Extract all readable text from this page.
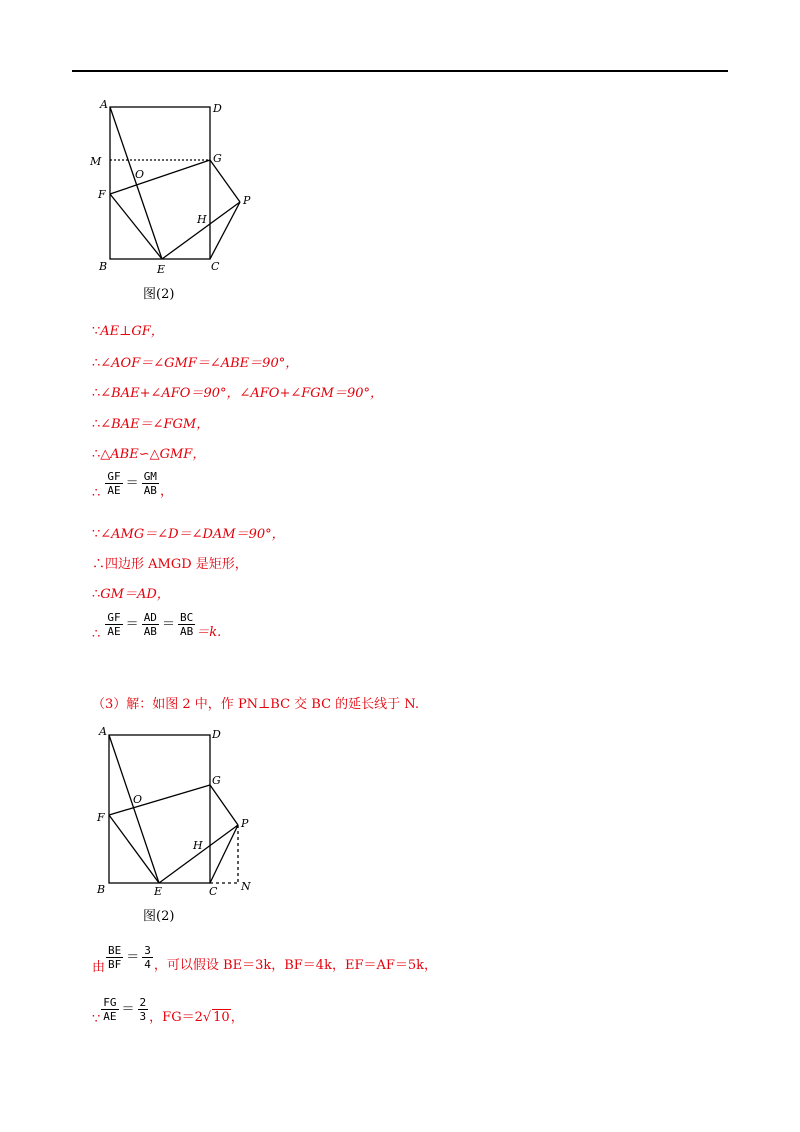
A	D
M	G
O
F
H
P
B	E	C
图(2)
∵AE⊥GF，
∴∠AOF＝∠GMF＝∠ABE＝90°，
∴∠BAE+∠AFO＝90°，∠AFO+∠FGM＝90°，
∴∠BAE＝∠FGM，
∴△ABE∽△GMF，
∴ $\frac{GF}{AE} = \frac{GM}{AB}$ ，
∵∠AMG＝∠D＝∠DAM＝90°，
∴四边形 AMGD 是矩形，
∴GM＝AD，
∴ $\frac{GF}{AE} = \frac{AD}{AB} = \frac{BC}{AB} =k$.
（3）解：如图 2 中，作 PN⊥BC 交 BC 的延长线于 N.
A	D
G
O
F
H
P
B	E	C N
图(2)
由 $\frac{BE}{BF} = \frac{3}{4}$ ，可以假设 BE＝3k，BF＝4k，EF＝AF＝5k，
∵ $\frac{FG}{AE} = \frac{2}{3}$ ，FG＝2√ 10，
